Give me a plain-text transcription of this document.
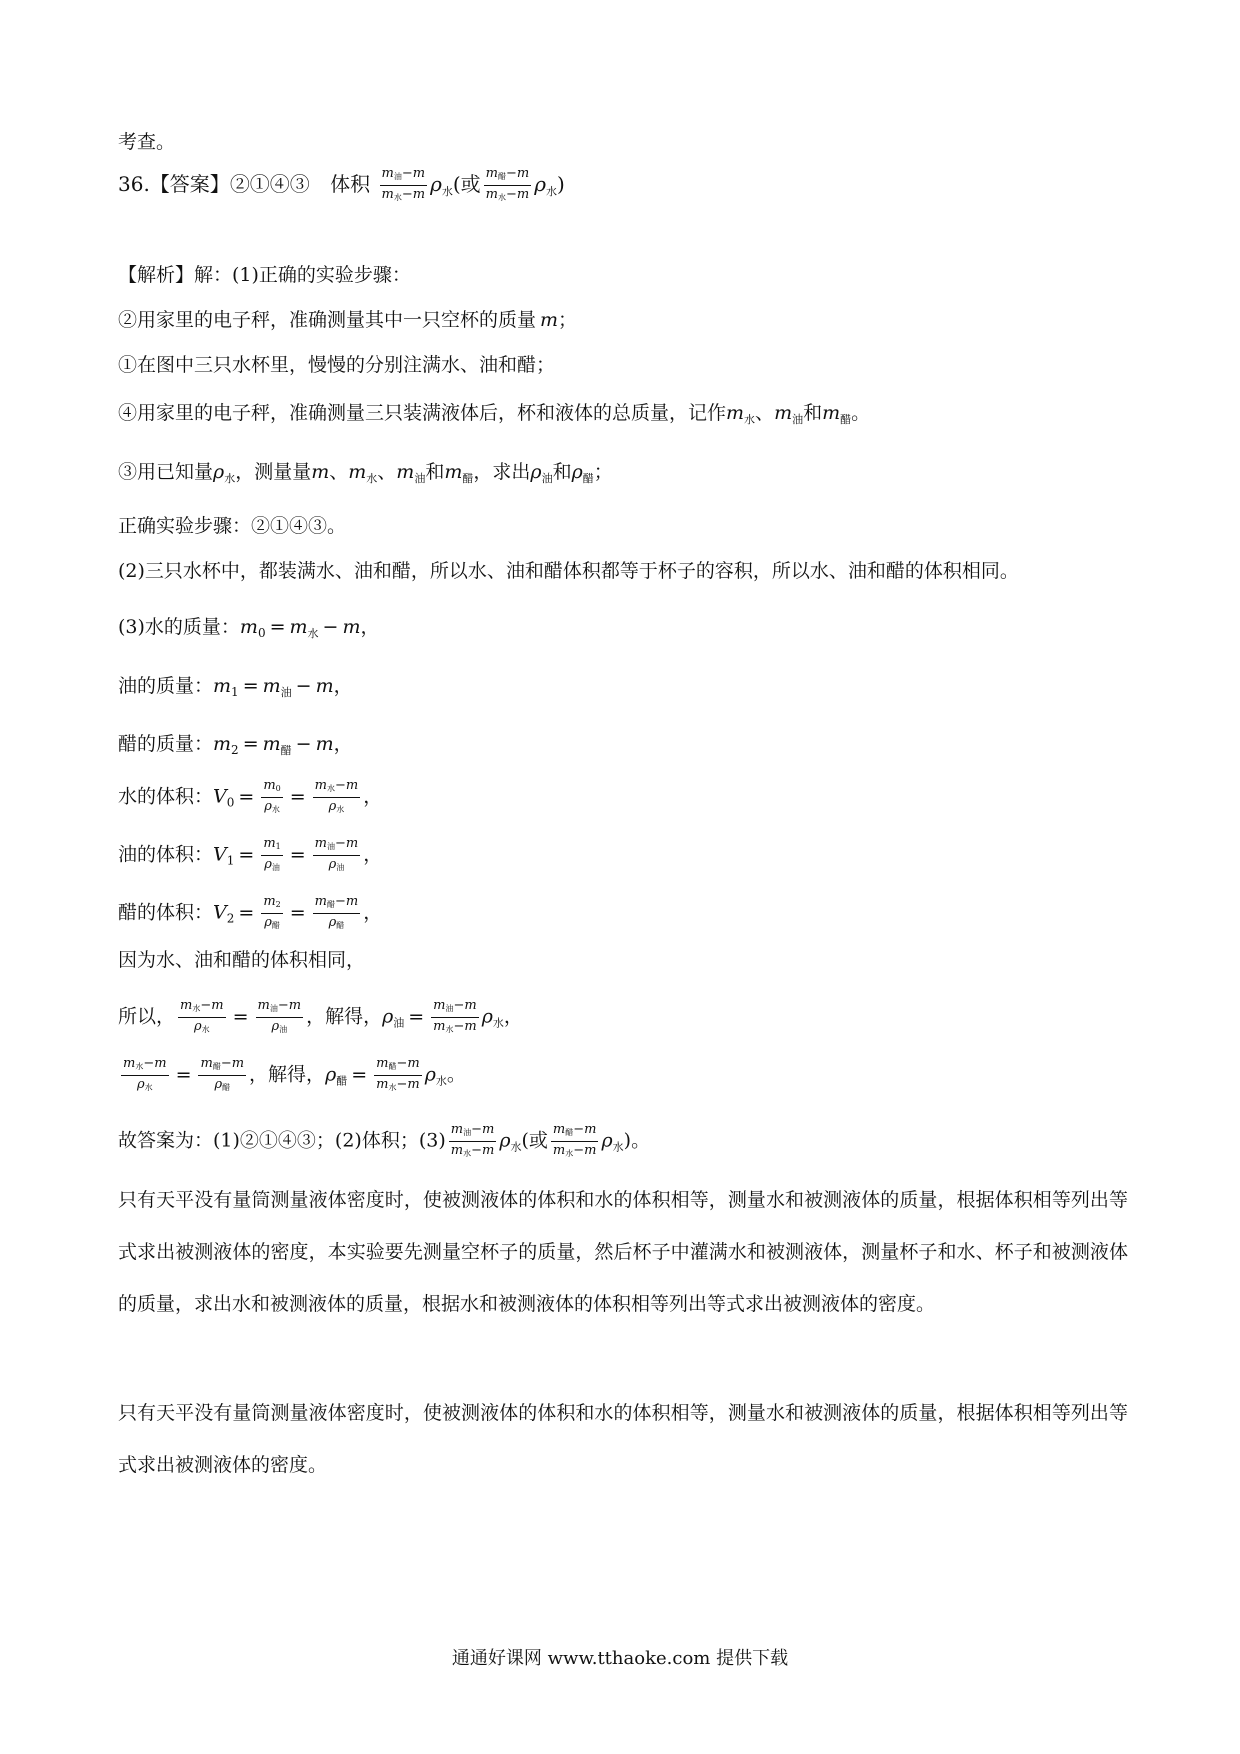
考查。
36.【答案】②①④③ 体积 $\frac{m_油-m}{m_水-m} \rho_水$(或 $\frac{m_醋-m}{m_水-m} \rho_水$)
【解析】解：(1)正确的实验步骤：
②用家里的电子秤，准确测量其中一只空杯的质量 m；
①在图中三只水杯里，慢慢的分别注满水、油和醋；
④用家里的电子秤，准确测量三只装满液体后，杯和液体的总质量，记作$m_水$、$m_油$和$m_醋$。
③用已知量$\rho_水$，测量量m、$m_水$、$m_油$和$m_醋$，求出$\rho_油$和$\rho_醋$；
正确实验步骤：②①④③。
(2)三只水杯中，都装满水、油和醋，所以水、油和醋体积都等于杯子的容积，所以水、油和醋的体积相同。
(3)水的质量：$m_0 = m_水 - m$，
油的质量：$m_1 = m_油 - m$，
醋的质量：$m_2 = m_醋 - m$，
水的体积：$V_0 = \frac{m_0}{\rho_水} = \frac{m_水-m}{\rho_水}$ ，
油的体积：$V_1 = \frac{m_1}{\rho_油} = \frac{m_油-m}{\rho_油}$ ，
醋的体积：$V_2 = \frac{m_2}{\rho_醋} = \frac{m_醋-m}{\rho_醋}$ ，
因为水、油和醋的体积相同，
所以， $\frac{m_水-m}{\rho_水} = \frac{m_油-m}{\rho_油}$ ，解得，$\rho_油 = \frac{m_油-m}{m_水-m} \rho_水$，
$\frac{m_水-m}{\rho_水} = \frac{m_醋-m}{\rho_醋}$ ，解得，$\rho_醋 = \frac{m_醋-m}{m_水-m} \rho_水$。
故答案为：(1)②①④③；(2)体积；$(3) \frac{m_油-m}{m_水-m} \rho_水$(或 $\frac{m_醋-m}{m_水-m} \rho_水$)。
只有天平没有量筒测量液体密度时，使被测液体的体积和水的体积相等，测量水和被测液体的质量，根据体积相等列出等式求出被测液体的密度，本实验要先测量空杯子的质量，然后杯子中灌满水和被测液体，测量杯子和水、杯子和被测液体的质量，求出水和被测液体的质量，根据水和被测液体的体积相等列出等式求出被测液体的密度。
只有天平没有量筒测量液体密度时，使被测液体的体积和水的体积相等，测量水和被测液体的质量，根据体积相等列出等式求出被测液体的密度。
通通好课网 www.tthaoke.com 提供下载
